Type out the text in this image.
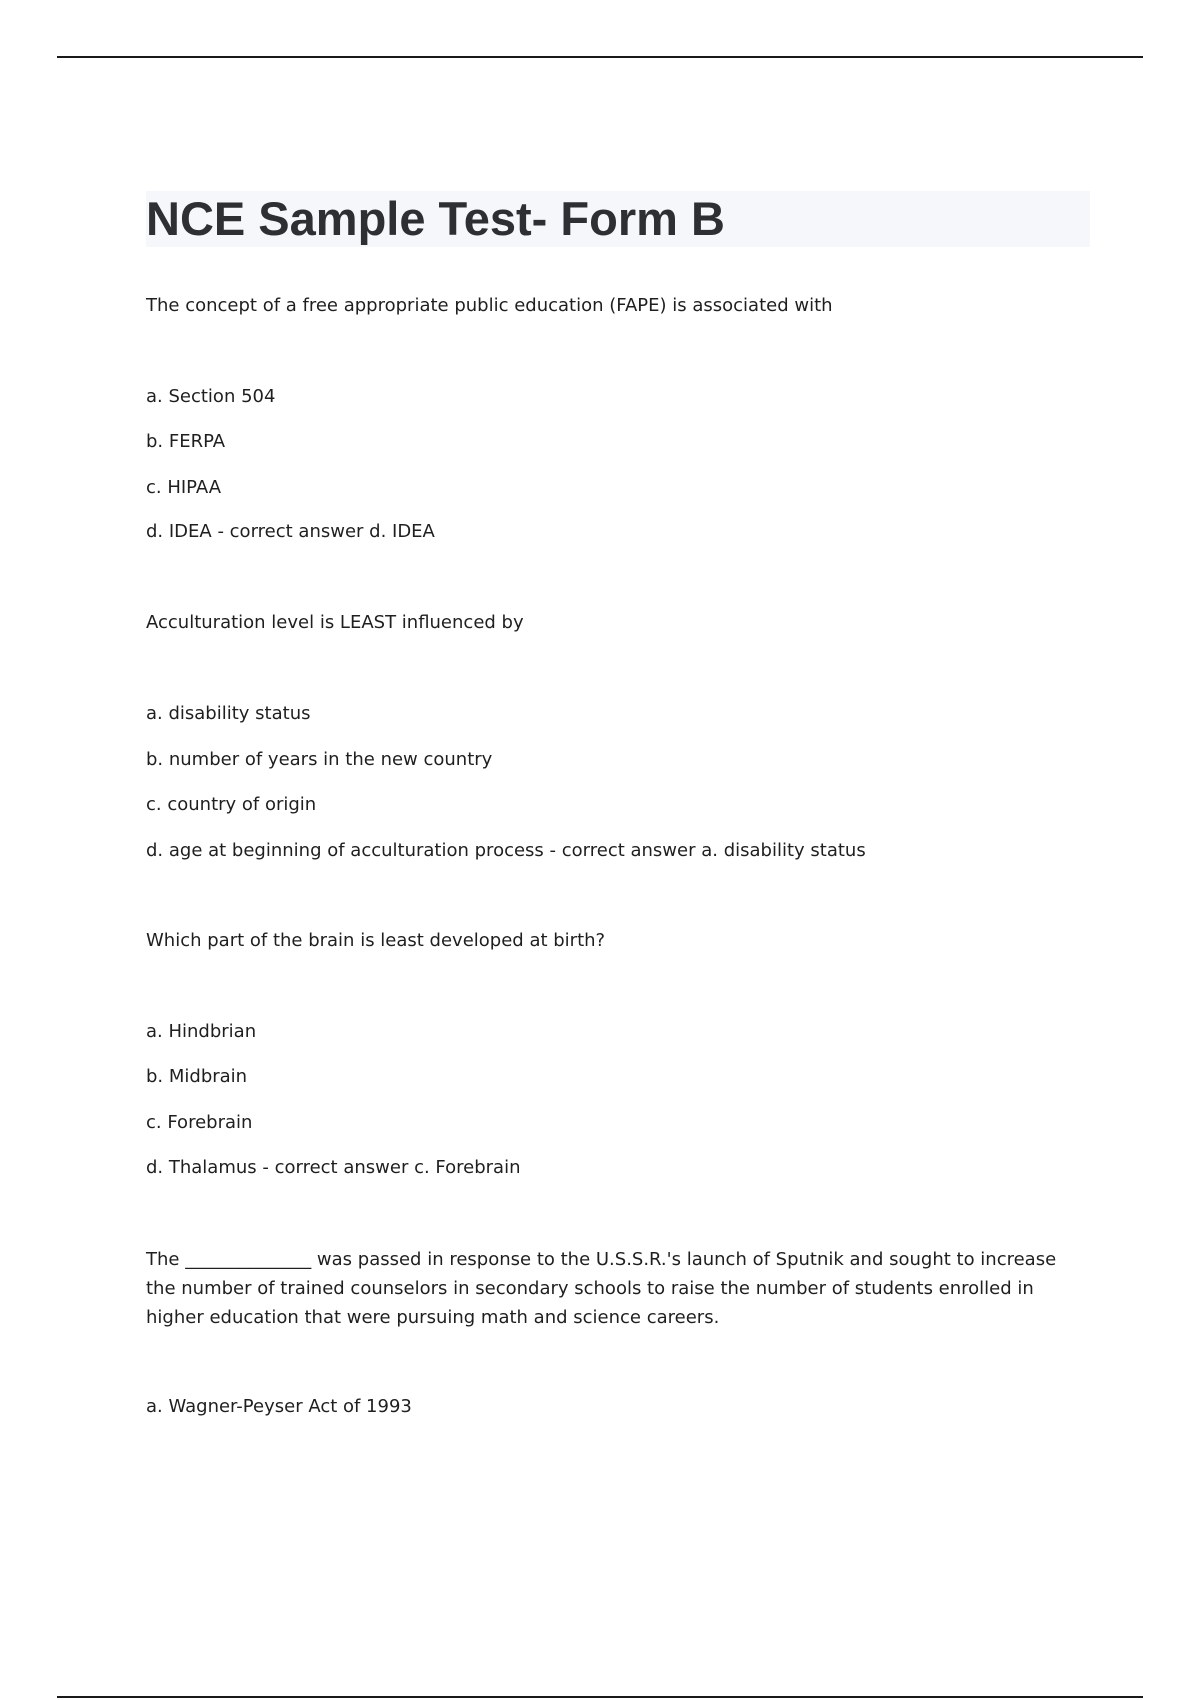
NCE Sample Test- Form B

The concept of a free appropriate public education (FAPE) is associated with

a. Section 504

b. FERPA

c. HIPAA

d. IDEA - correct answer d. IDEA

Acculturation level is LEAST influenced by

a. disability status

b. number of years in the new country

c. country of origin

d. age at beginning of acculturation process - correct answer a. disability status

Which part of the brain is least developed at birth?

a. Hindbrian

b. Midbrain

c. Forebrain

d. Thalamus - correct answer c. Forebrain

The ______________ was passed in response to the U.S.S.R.'s launch of Sputnik and sought to increase the number of trained counselors in secondary schools to raise the number of students enrolled in higher education that were pursuing math and science careers.

a. Wagner-Peyser Act of 1993
